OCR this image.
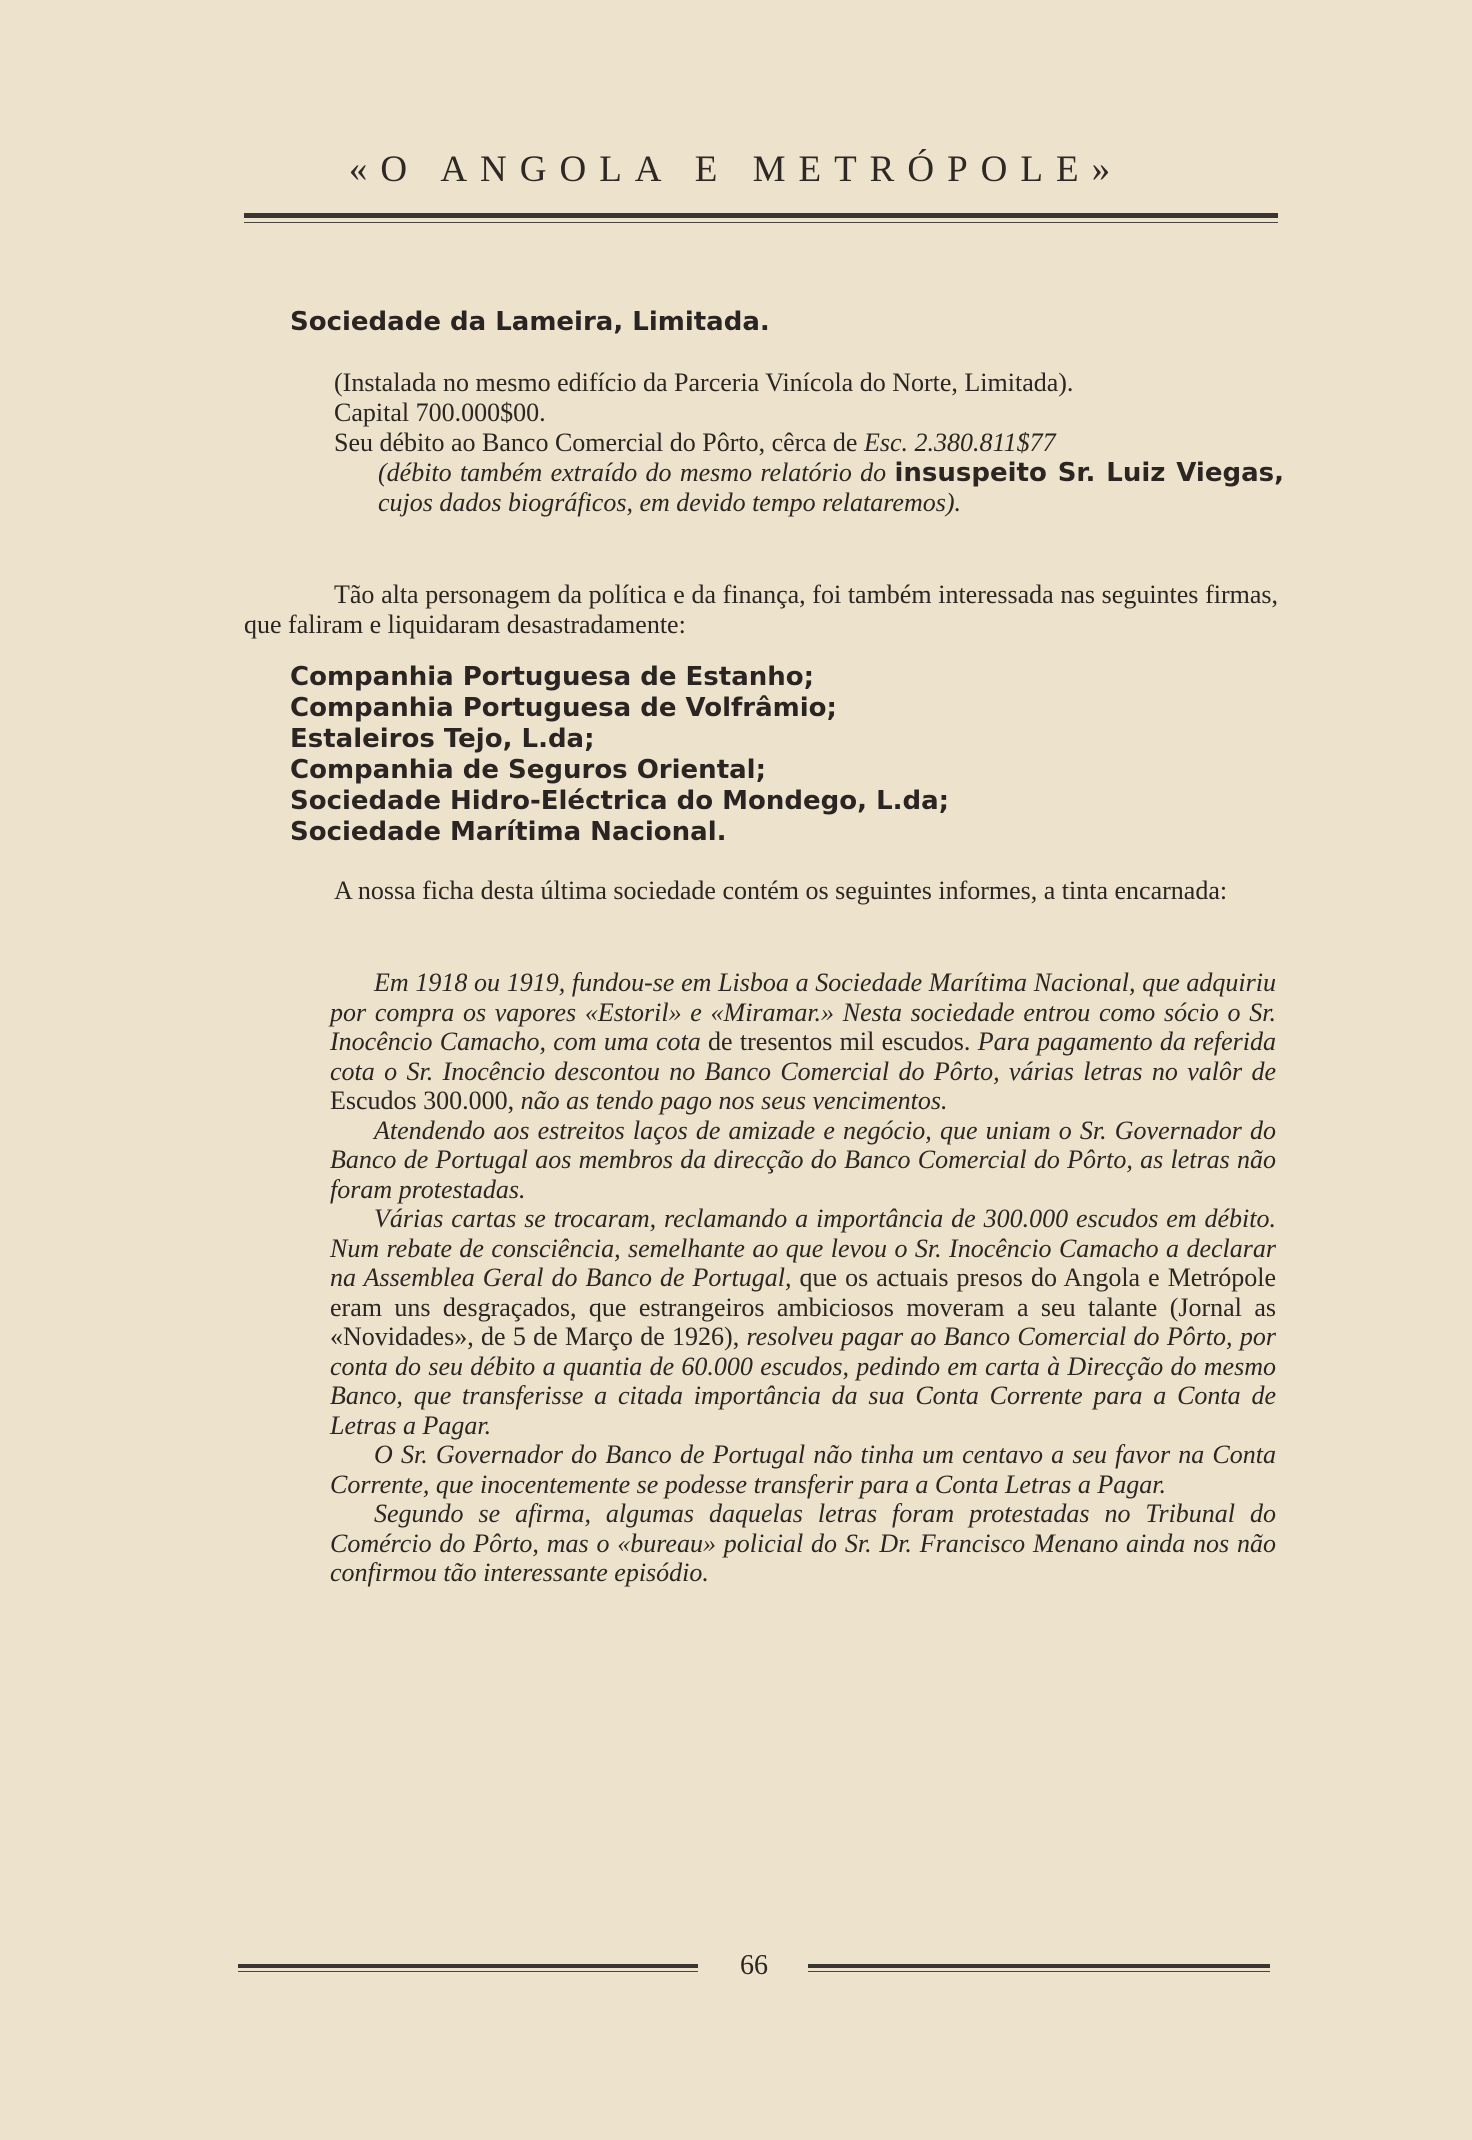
«O ANGOLA E METRÓPOLE»
Sociedade da Lameira, Limitada.
(Instalada no mesmo edifício da Parceria Vinícola do Norte, Limitada).
Capital 700.000$00.
Seu débito ao Banco Comercial do Pôrto, cêrca de Esc. 2.380.811$77
(débito também extraído do mesmo relatório do insuspeito Sr. Luiz Viegas, cujos dados biográficos, em devido tempo relataremos).
Tão alta personagem da política e da finança, foi também interessada nas seguintes firmas, que faliram e liquidaram desastradamente:
Companhia Portuguesa de Estanho;
Companhia Portuguesa de Volfrâmio;
Estaleiros Tejo, L.da;
Companhia de Seguros Oriental;
Sociedade Hidro-Eléctrica do Mondego, L.da;
Sociedade Marítima Nacional.
A nossa ficha desta última sociedade contém os seguintes informes, a tinta encarnada:

Em 1918 ou 1919, fundou-se em Lisboa a Sociedade Marítima Nacional, que adquiriu por compra os vapores «Estoril» e «Miramar.» Nesta sociedade entrou como sócio o Sr. Inocêncio Camacho, com uma cota de tresentos mil escudos. Para pagamento da referida cota o Sr. Inocêncio descontou no Banco Comercial do Pôrto, várias letras no valôr de Escudos 300.000, não as tendo pago nos seus vencimentos.

Atendendo aos estreitos laços de amizade e negócio, que uniam o Sr. Governador do Banco de Portugal aos membros da direcção do Banco Comercial do Pôrto, as letras não foram protestadas.

Várias cartas se trocaram, reclamando a importância de 300.000 escudos em débito. Num rebate de consciência, semelhante ao que levou o Sr. Inocêncio Camacho a declarar na Assemblea Geral do Banco de Portugal, que os actuais presos do Angola e Metrópole eram uns desgraçados, que estrangeiros ambiciosos moveram a seu talante (Jornal as «Novidades», de 5 de Março de 1926), resolveu pagar ao Banco Comercial do Pôrto, por conta do seu débito a quantia de 60.000 escudos, pedindo em carta à Direcção do mesmo Banco, que transferisse a citada importância da sua Conta Corrente para a Conta de Letras a Pagar.

O Sr. Governador do Banco de Portugal não tinha um centavo a seu favor na Conta Corrente, que inocentemente se podesse transferir para a Conta Letras a Pagar.

Segundo se afirma, algumas daquelas letras foram protestadas no Tribunal do Comércio do Pôrto, mas o «bureau» policial do Sr. Dr. Francisco Menano ainda nos não confirmou tão interessante episódio.

66
